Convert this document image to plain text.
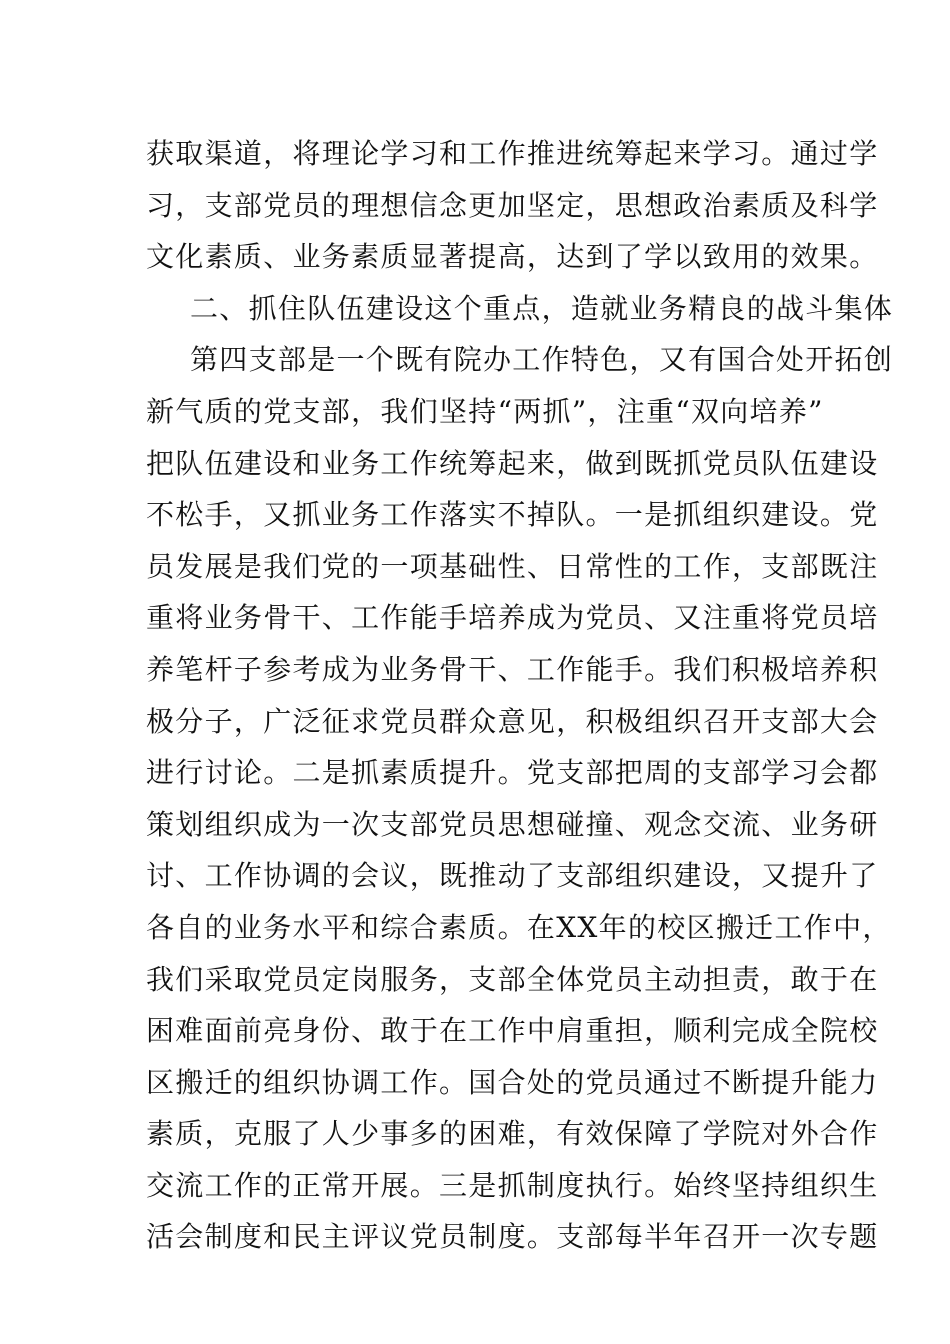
获取渠道，将理论学习和工作推进统筹起来学习。通过学
习，支部党员的理想信念更加坚定，思想政治素质及科学
文化素质、业务素质显著提高，达到了学以致用的效果。
二、抓住队伍建设这个重点，造就业务精良的战斗集体
第四支部是一个既有院办工作特色，又有国合处开拓创
新气质的党支部，我们坚持“两抓”，注重“双向培养”
把队伍建设和业务工作统筹起来，做到既抓党员队伍建设
不松手，又抓业务工作落实不掉队。一是抓组织建设。党
员发展是我们党的一项基础性、日常性的工作，支部既注
重将业务骨干、工作能手培养成为党员、又注重将党员培
养笔杆子参考成为业务骨干、工作能手。我们积极培养积
极分子，广泛征求党员群众意见，积极组织召开支部大会
进行讨论。二是抓素质提升。党支部把周的支部学习会都
策划组织成为一次支部党员思想碰撞、观念交流、业务研
讨、工作协调的会议，既推动了支部组织建设，又提升了
各自的业务水平和综合素质。在XX年的校区搬迁工作中，
我们采取党员定岗服务，支部全体党员主动担责，敢于在
困难面前亮身份、敢于在工作中肩重担，顺利完成全院校
区搬迁的组织协调工作。国合处的党员通过不断提升能力
素质，克服了人少事多的困难，有效保障了学院对外合作
交流工作的正常开展。三是抓制度执行。始终坚持组织生
活会制度和民主评议党员制度。支部每半年召开一次专题
